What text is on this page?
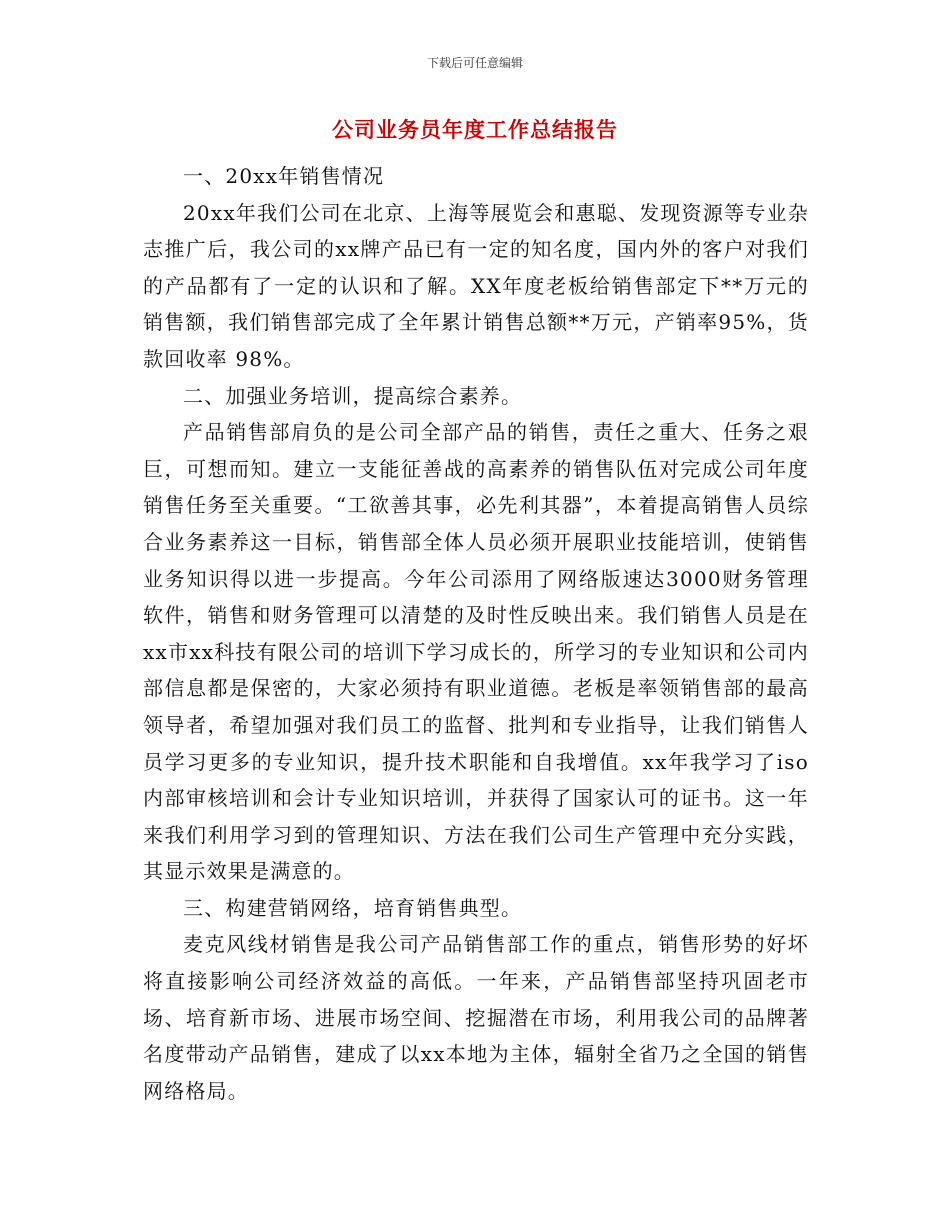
下载后可任意编辑
公司业务员年度工作总结报告

一、20xx年销售情况

20xx年我们公司在北京、上海等展览会和惠聪、发现资源等专业杂志推广后，我公司的xx牌产品已有一定的知名度，国内外的客户对我们的产品都有了一定的认识和了解。XX年度老板给销售部定下**万元的销售额，我们销售部完成了全年累计销售总额**万元，产销率95%，货款回收率 98%。

二、加强业务培训，提高综合素养。

产品销售部肩负的是公司全部产品的销售，责任之重大、任务之艰巨，可想而知。建立一支能征善战的高素养的销售队伍对完成公司年度销售任务至关重要。“工欲善其事，必先利其器”，本着提高销售人员综合业务素养这一目标，销售部全体人员必须开展职业技能培训，使销售业务知识得以进一步提高。今年公司添用了网络版速达3000财务管理软件，销售和财务管理可以清楚的及时性反映出来。我们销售人员是在xx市xx科技有限公司的培训下学习成长的，所学习的专业知识和公司内部信息都是保密的，大家必须持有职业道德。老板是率领销售部的最高领导者，希望加强对我们员工的监督、批判和专业指导，让我们销售人员学习更多的专业知识，提升技术职能和自我增值。xx年我学习了iso内部审核培训和会计专业知识培训，并获得了国家认可的证书。这一年来我们利用学习到的管理知识、方法在我们公司生产管理中充分实践，其显示效果是满意的。

三、构建营销网络，培育销售典型。

麦克风线材销售是我公司产品销售部工作的重点，销售形势的好坏将直接影响公司经济效益的高低。一年来，产品销售部坚持巩固老市场、培育新市场、进展市场空间、挖掘潜在市场，利用我公司的品牌著名度带动产品销售，建成了以xx本地为主体，辐射全省乃之全国的销售网络格局。
